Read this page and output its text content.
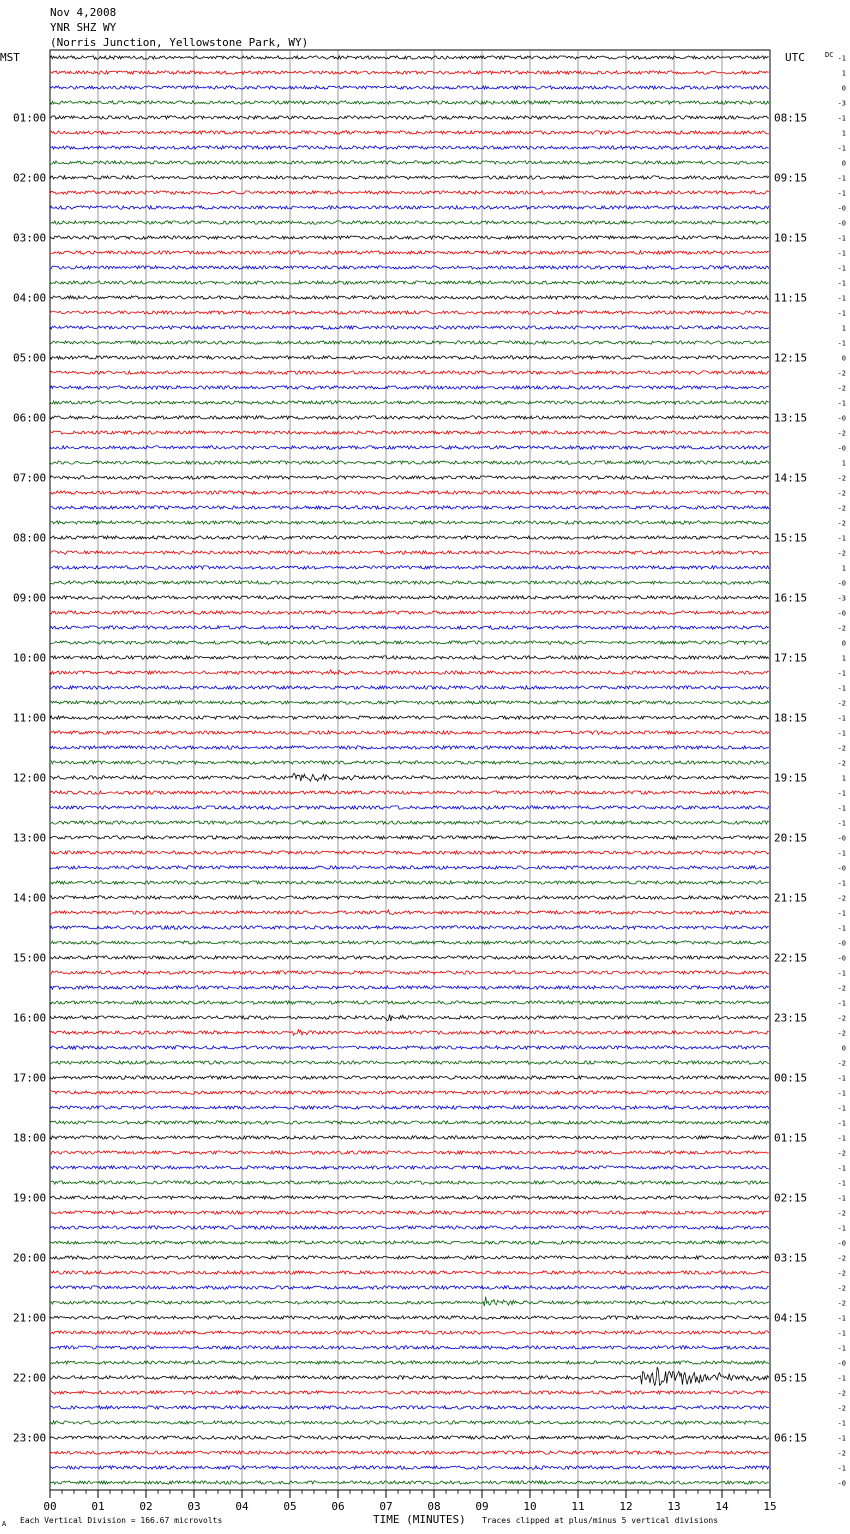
Nov 4,2008
YNR SHZ WY
(Norris Junction, Yellowstone Park, WY)
MST	UTC	DC
01:00
02:00
03:00
04:00
05:00
06:00
07:00
08:00
09:00
10:00
11:00
12:00
13:00
14:00
15:00
16:00
17:00
18:00
19:00
20:00
21:00
22:00
23:00
08:15
09:15
10:15
11:15
12:15
13:15
14:15
15:15
16:15
17:15
18:15
19:15
20:15
21:15
22:15
23:15
00:15
01:15
02:15
03:15
04:15
05:15
06:15
-1
1
0
-3
-1
1
-1
0
-1
-1
-0
-0
-1
-1
-1
-1
-1
-1
1
-1
0
-2
-2
-1
-0
-2
-0
1
-2
-2
-2
-2
-1
-2
1
-0
-3
-0
-2
0
1
-1
-1
-2
-1
-1
-2
-2
1
-1
-1
-1
-0
-1
-0
-1
-2
-1
-1
-0
-0
-1
-2
-1
-2
-2
0
-2
-1
-1
-1
-1
-1
-2
-1
-1
-1
-2
-1
-0
-2
-2
-2
-2
-1
-1
-1
-0
-1
-2
-2
-1
-1
-2
-1
-0
00	01	02	03	04	05	06	07	08	09	10	11	12	13	14	15
A Each Vertical Division = 166.67 microvolts	TIME (MINUTES) Traces clipped at plus/minus 5 vertical divisions
